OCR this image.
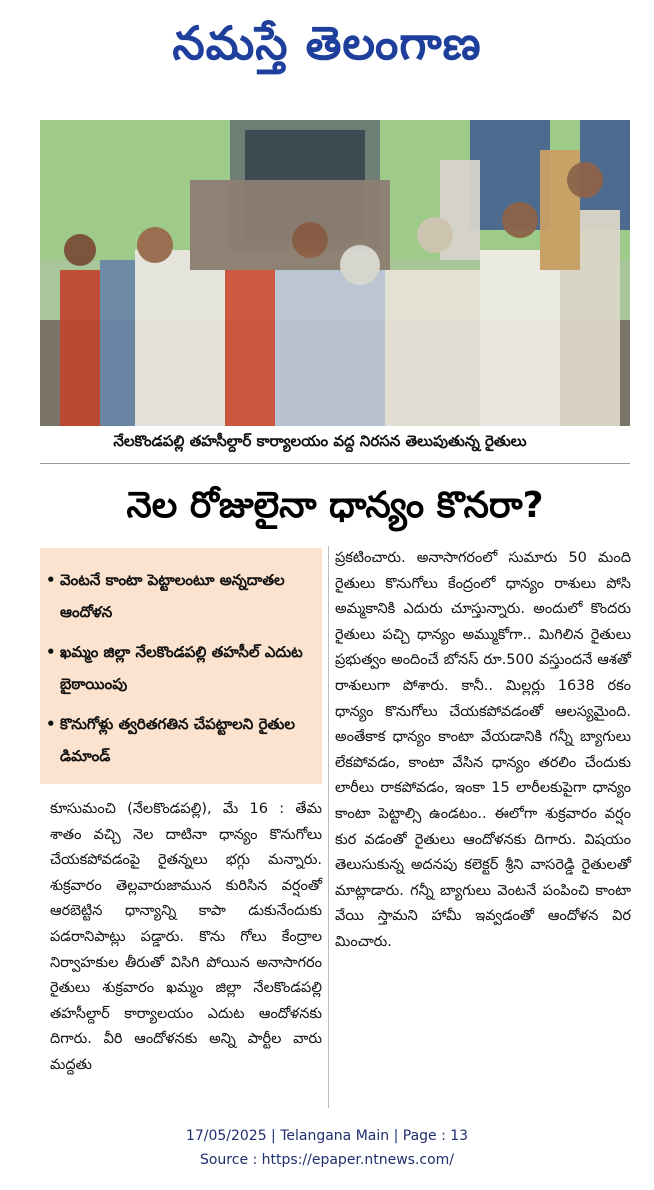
నమస్తే తెలంగాణ
నేలకొండపల్లి తహసీల్దార్ కార్యాలయం వద్ద నిరసన తెలుపుతున్న రైతులు
నెల రోజులైనా ధాన్యం కొనరా?
• వెంటనే కాంటా పెట్టాలంటూ అన్నదాతల ఆందోళన
• ఖమ్మం జిల్లా నేలకొండపల్లి తహసీల్ ఎదుట బైఠాయింపు
• కొనుగోళ్లు త్వరితగతిన చేపట్టాలని రైతుల డిమాండ్
కూసుమంచి (నేలకొండపల్లి), మే 16 : తేమ శాతం వచ్చి నెల దాటినా ధాన్యం కొనుగోలు చేయకపోవడంపై రైతన్నలు భగ్గు మన్నారు. శుక్రవారం తెల్లవారుజామున కురిసిన వర్షంతో ఆరబెట్టిన ధాన్యాన్ని కాపా డుకునేందుకు పడరానిపాట్లు పడ్డారు. కొను గోలు కేంద్రాల నిర్వాహకుల తీరుతో విసిగి పోయిన అనాసాగరం రైతులు శుక్రవారం ఖమ్మం జిల్లా నేలకొండపల్లి తహసీల్దార్ కార్యాలయం ఎదుట ఆందోళనకు దిగారు. వీరి ఆందోళనకు అన్ని పార్టీల వారు మద్దతు
ప్రకటించారు. అనాసాగరంలో సుమారు 50 మంది రైతులు కొనుగోలు కేంద్రంలో ధాన్యం రాశులు పోసి అమ్మకానికి ఎదురు చూస్తున్నారు. అందులో కొందరు రైతులు పచ్చి ధాన్యం అమ్ముకోగా.. మిగిలిన రైతులు ప్రభుత్వం అందించే బోనస్ రూ.500 వస్తుందనే ఆశతో రాశులుగా పోశారు. కానీ.. మిల్లర్లు 1638 రకం ధాన్యం కొనుగోలు చేయకపోవడంతో ఆలస్యమైంది. అంతేకాక ధాన్యం కాంటా వేయడానికి గన్నీ బ్యాగులు లేకపోవడం, కాంటా వేసిన ధాన్యం తరలిం చేందుకు లారీలు రాకపోవడం, ఇంకా 15 లారీలకుపైగా ధాన్యం కాంటా పెట్టాల్సి ఉండటం.. ఈలోగా శుక్రవారం వర్షం కుర వడంతో రైతులు ఆందోళనకు దిగారు. విషయం తెలుసుకున్న అదనపు కలెక్టర్ శ్రీని వాసరెడ్డి రైతులతో మాట్లాడారు. గన్నీ బ్యాగులు వెంటనే పంపించి కాంటా వేయి స్తామని హామీ ఇవ్వడంతో ఆందోళన విర మించారు.
17/05/2025 | Telangana Main | Page : 13
Source : https://epaper.ntnews.com/
